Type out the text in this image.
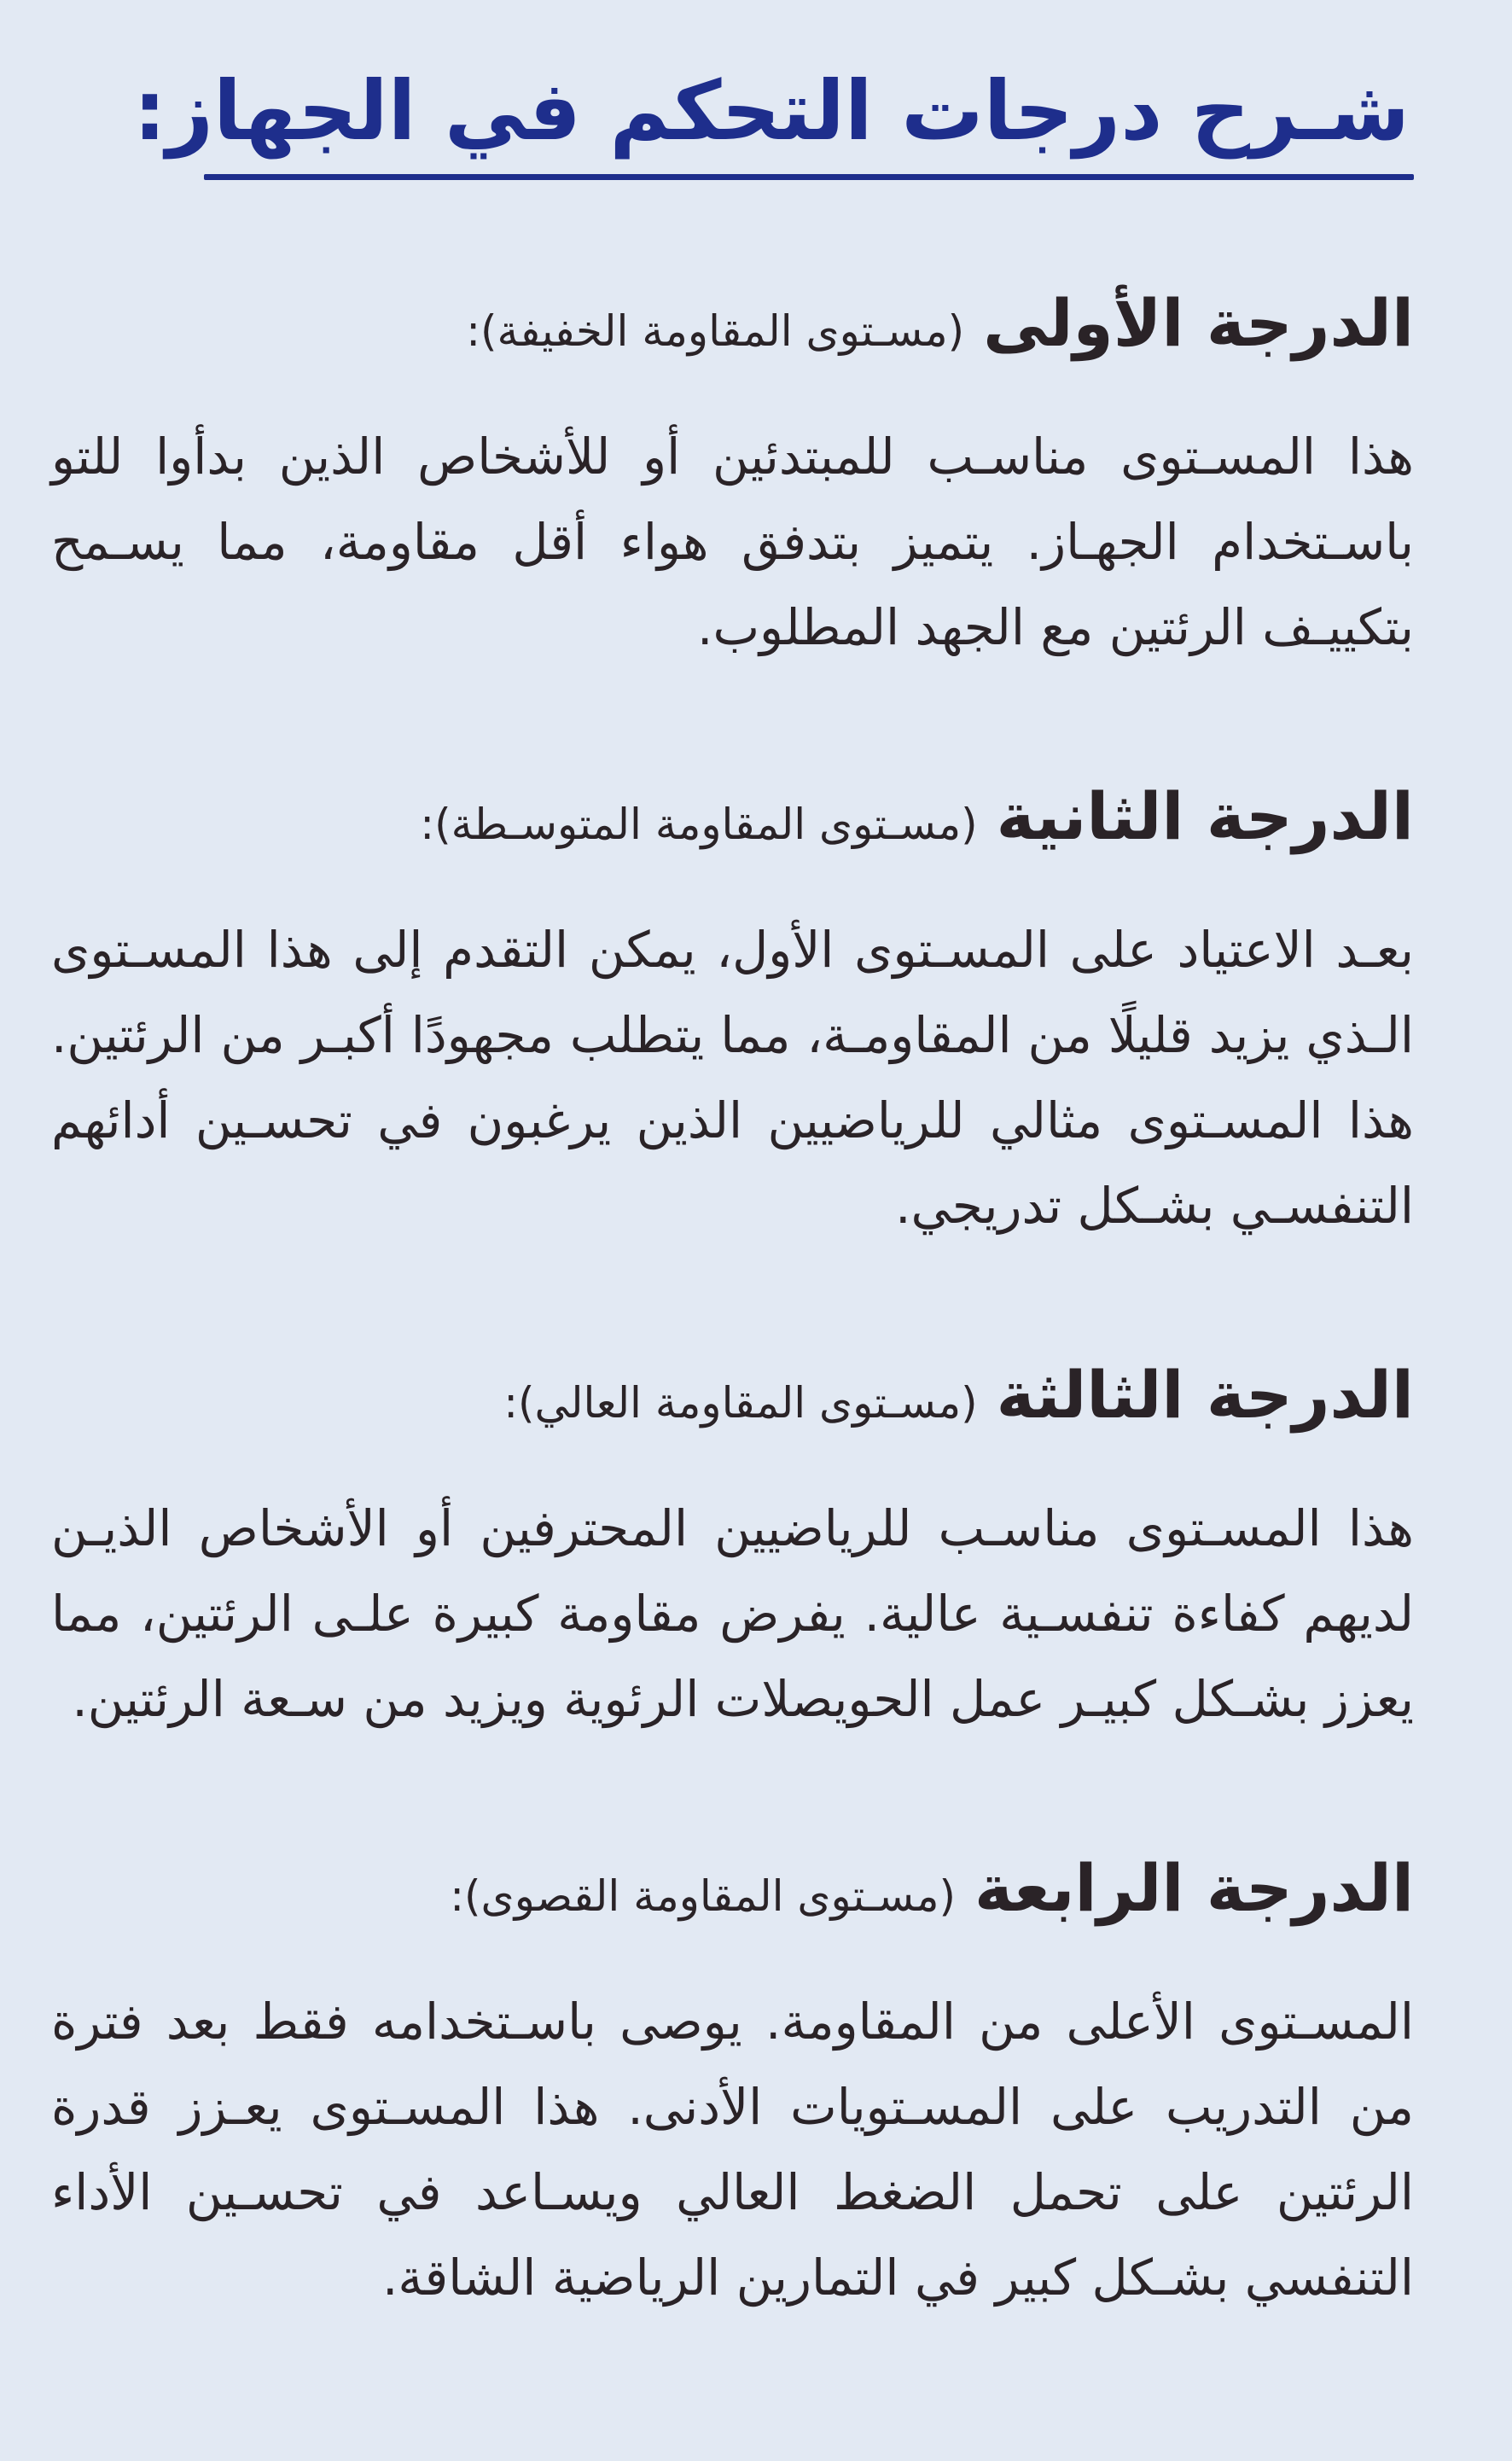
شـرح درجات التحكم في الجهاز:
الدرجة الأولى(مسـتوى المقاومة الخفيفة):

هذا المسـتوى مناسـب للمبتدئين أو للأشخاص الذين بدأوا للتو باسـتخدام الجهـاز. يتميز بتدفق هواء أقل مقاومة، مما يسـمح بتكييـف الرئتين مع الجهد المطلوب.

الدرجة الثانية(مسـتوى المقاومة المتوسـطة):

بعـد الاعتياد على المسـتوى الأول، يمكن التقدم إلى هذا المسـتوى الـذي يزيد قليلًا من المقاومـة، مما يتطلب مجهودًا أكبـر من الرئتين. هذا المسـتوى مثالي للرياضيين الذين يرغبون في تحسـين أدائهم التنفسـي بشـكل تدريجي.

الدرجة الثالثة(مسـتوى المقاومة العالي):

هذا المسـتوى مناسـب للرياضيين المحترفين أو الأشخاص الذيـن لديهم كفاءة تنفسـية عالية. يفرض مقاومة كبيرة علـى الرئتين، مما يعزز بشـكل كبيـر عمل الحويصلات الرئوية ويزيد من سـعة الرئتين.

الدرجة الرابعة(مسـتوى المقاومة القصوى):

المسـتوى الأعلى من المقاومة. يوصى باسـتخدامه فقط بعد فترة من التدريب على المسـتويات الأدنى. هذا المسـتوى يعـزز قدرة الرئتين على تحمل الضغط العالي ويسـاعد في تحسـين الأداء التنفسي بشـكل كبير في التمارين الرياضية الشاقة.
